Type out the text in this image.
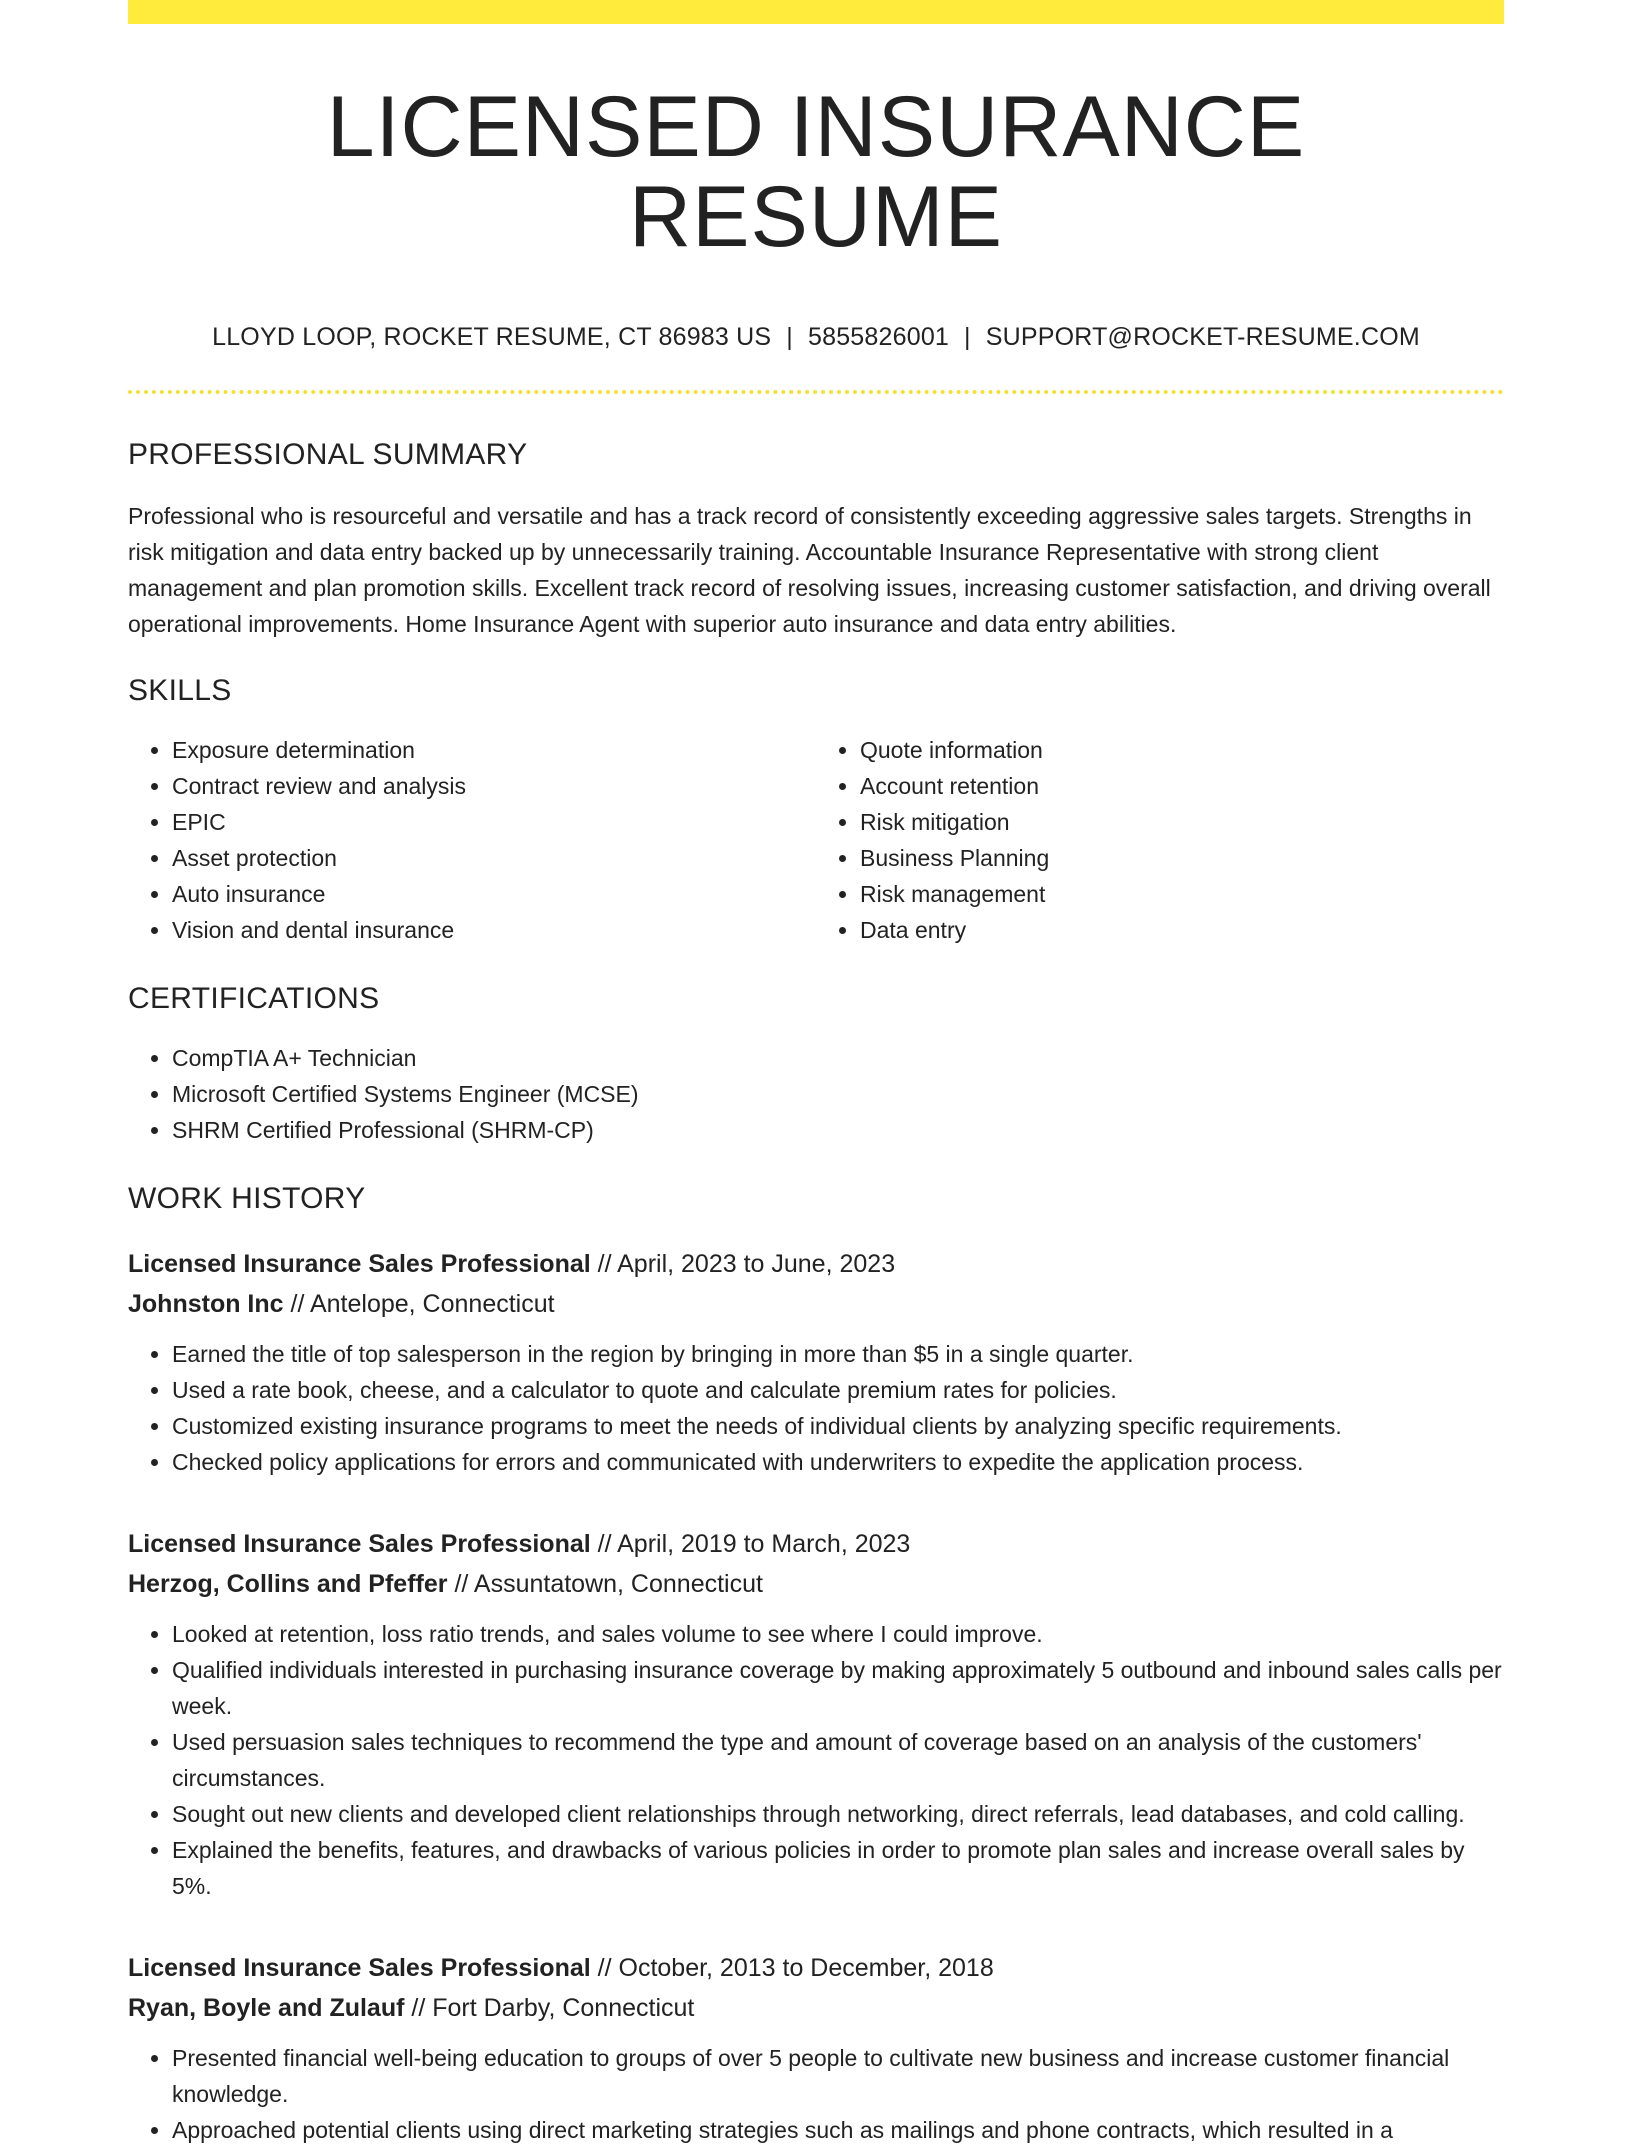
LICENSED INSURANCE RESUME
LLOYD LOOP, ROCKET RESUME, CT 86983 US | 5855826001 | SUPPORT@ROCKET-RESUME.COM
PROFESSIONAL SUMMARY

Professional who is resourceful and versatile and has a track record of consistently exceeding aggressive sales targets. Strengths in risk mitigation and data entry backed up by unnecessarily training. Accountable Insurance Representative with strong client management and plan promotion skills. Excellent track record of resolving issues, increasing customer satisfaction, and driving overall operational improvements. Home Insurance Agent with superior auto insurance and data entry abilities.

SKILLS
• Exposure determination
• Contract review and analysis
• EPIC
• Asset protection
• Auto insurance
• Vision and dental insurance
• Quote information
• Account retention
• Risk mitigation
• Business Planning
• Risk management
• Data entry
CERTIFICATIONS
• CompTIA A+ Technician
• Microsoft Certified Systems Engineer (MCSE)
• SHRM Certified Professional (SHRM-CP)
WORK HISTORY
Licensed Insurance Sales Professional // April, 2023 to June, 2023
Johnston Inc // Antelope, Connecticut
• Earned the title of top salesperson in the region by bringing in more than $5 in a single quarter.
• Used a rate book, cheese, and a calculator to quote and calculate premium rates for policies.
• Customized existing insurance programs to meet the needs of individual clients by analyzing specific requirements.
• Checked policy applications for errors and communicated with underwriters to expedite the application process.
Licensed Insurance Sales Professional // April, 2019 to March, 2023
Herzog, Collins and Pfeffer // Assuntatown, Connecticut
• Looked at retention, loss ratio trends, and sales volume to see where I could improve.
• Qualified individuals interested in purchasing insurance coverage by making approximately 5 outbound and inbound sales calls per week.
• Used persuasion sales techniques to recommend the type and amount of coverage based on an analysis of the customers' circumstances.
• Sought out new clients and developed client relationships through networking, direct referrals, lead databases, and cold calling.
• Explained the benefits, features, and drawbacks of various policies in order to promote plan sales and increase overall sales by 5%.
Licensed Insurance Sales Professional // October, 2013 to December, 2018
Ryan, Boyle and Zulauf // Fort Darby, Connecticut
• Presented financial well-being education to groups of over 5 people to cultivate new business and increase customer financial knowledge.
• Approached potential clients using direct marketing strategies such as mailings and phone contracts, which resulted in a
